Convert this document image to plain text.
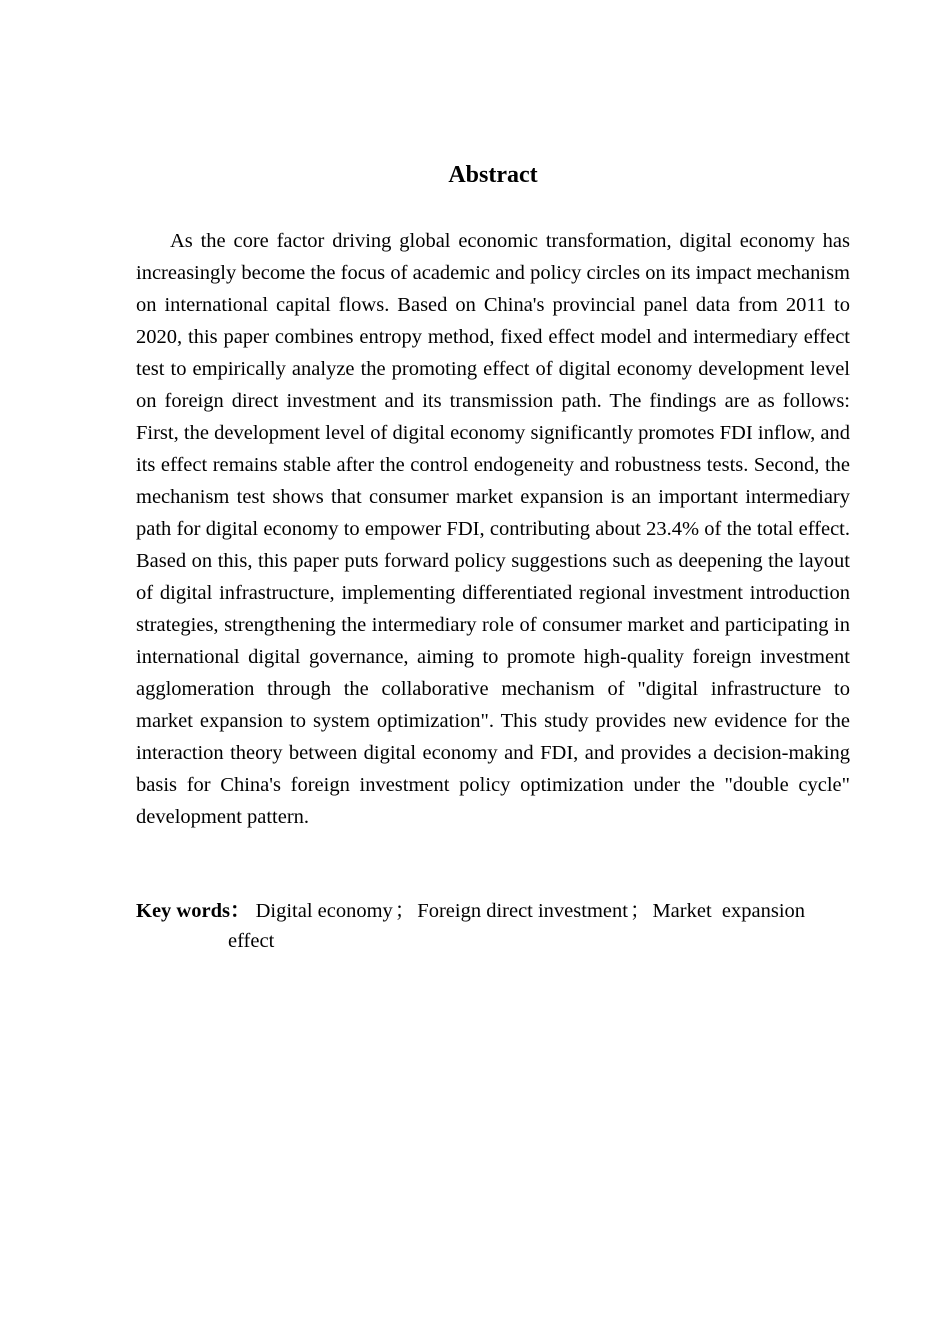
Abstract

As the core factor driving global economic transformation, digital economy has increasingly become the focus of academic and policy circles on its impact mechanism on international capital flows. Based on China's provincial panel data from 2011 to 2020, this paper combines entropy method, fixed effect model and intermediary effect test to empirically analyze the promoting effect of digital economy development level on foreign direct investment and its transmission path. The findings are as follows: First, the development level of digital economy significantly promotes FDI inflow, and its effect remains stable after the control endogeneity and robustness tests. Second, the mechanism test shows that consumer market expansion is an important intermediary path for digital economy to empower FDI, contributing about 23.4% of the total effect. Based on this, this paper puts forward policy suggestions such as deepening the layout of digital infrastructure, implementing differentiated regional investment introduction strategies, strengthening the intermediary role of consumer market and participating in international digital governance, aiming to promote high-quality foreign investment agglomeration through the collaborative mechanism of "digital infrastructure to market expansion to system optimization". This study provides new evidence for the interaction theory between digital economy and FDI, and provides a decision-making basis for China's foreign investment policy optimization under the "double cycle" development pattern.

Key words： Digital economy；Foreign direct investment；Market  expansion effect
